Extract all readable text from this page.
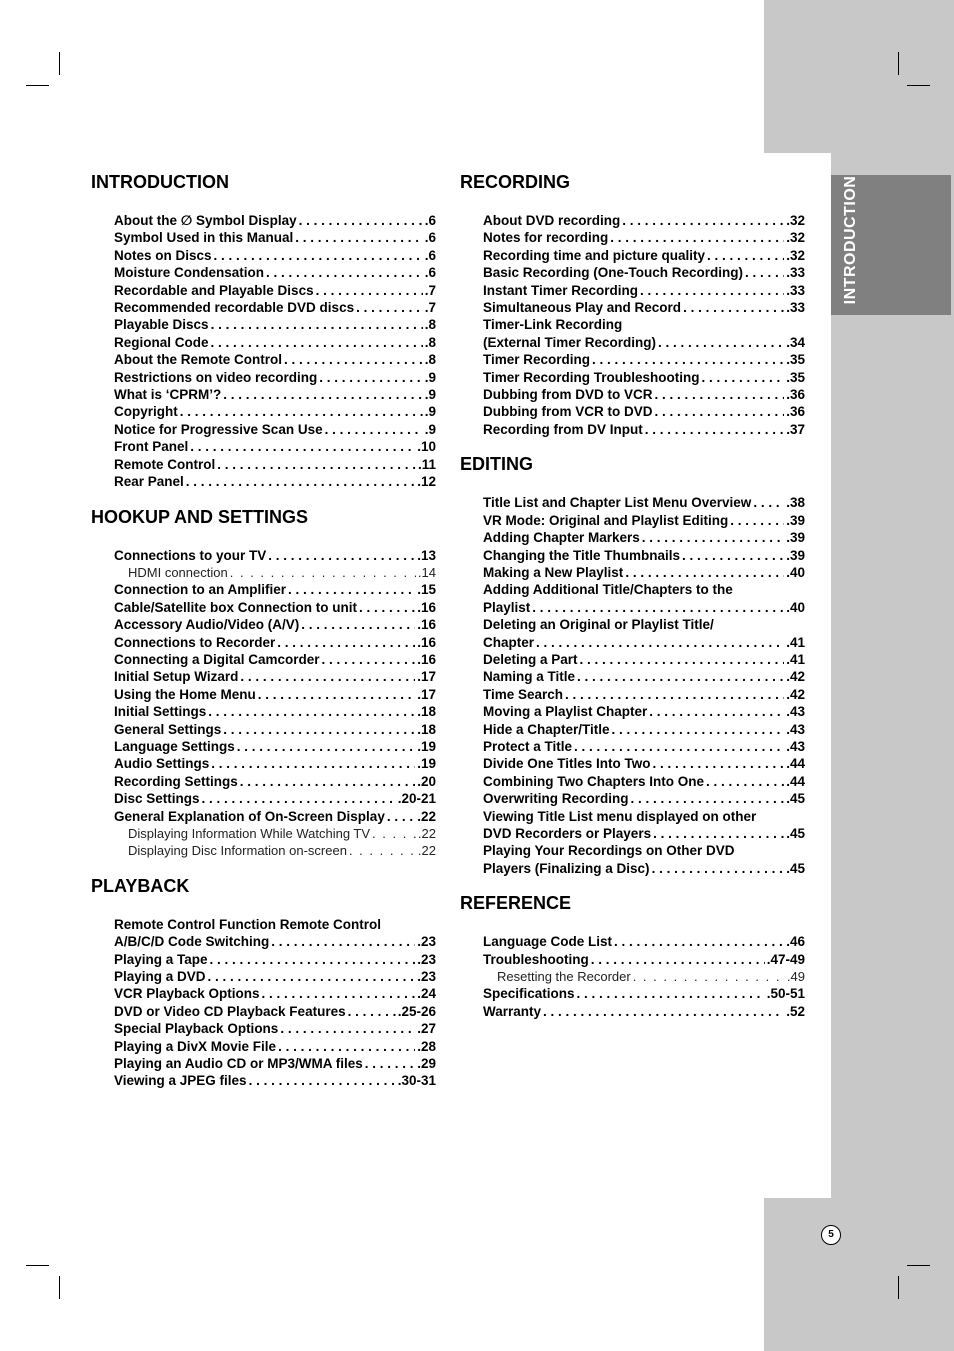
INTRODUCTION
INTRODUCTION
About the ∅ Symbol Display . . .	.6
Symbol Used in this Manual . . .	.6
Notes on Discs . . .	.6
Moisture Condensation . . .	.6
Recordable and Playable Discs . . .	.7
Recommended recordable DVD discs . . .	.7
Playable Discs . . .	.8
Regional Code . . .	.8
About the Remote Control . . .	.8
Restrictions on video recording . . .	.9
What is ‘CPRM’? . . .	.9
Copyright . . .	.9
Notice for Progressive Scan Use . . .	.9
Front Panel . . .	.10
Remote Control . . .	.11
Rear Panel . . .	.12
HOOKUP AND SETTINGS
Connections to your TV . . .	.13
HDMI connection . . .	.14
Connection to an Amplifier . . .	.15
Cable/Satellite box Connection to unit . . .	.16
Accessory Audio/Video (A/V) . . .	.16
Connections to Recorder . . .	.16
Connecting a Digital Camcorder . . .	.16
Initial Setup Wizard . . .	.17
Using the Home Menu . . .	.17
Initial Settings . . .	.18
General Settings . . .	.18
Language Settings . . .	.19
Audio Settings . . .	.19
Recording Settings . . .	.20
Disc Settings . . .	.20-21
General Explanation of On-Screen Display . . . .22
Displaying Information While Watching TV . . .	.22
Displaying Disc Information on-screen . . .	.22
PLAYBACK
Remote Control Function Remote Control
A/B/C/D Code Switching . . .	.23
Playing a Tape . . .	.23
Playing a DVD . . .	.23
VCR Playback Options . . .	.24
DVD or Video CD Playback Features . . .	.25-26
Special Playback Options . . .	.27
Playing a DivX Movie File . . .	.28
Playing an Audio CD or MP3/WMA files . . .	.29
Viewing a JPEG files . . .	.30-31
RECORDING
About DVD recording . . .	.32
Notes for recording . . .	.32
Recording time and picture quality . . .	.32
Basic Recording (One-Touch Recording) . . .	.33
Instant Timer Recording . . .	.33
Simultaneous Play and Record . . .	.33
Timer-Link Recording
(External Timer Recording) . . .	.34
Timer Recording . . .	.35
Timer Recording Troubleshooting . . .	.35
Dubbing from DVD to VCR . . .	.36
Dubbing from VCR to DVD . . .	.36
Recording from DV Input . . .	.37
EDITING
Title List and Chapter List Menu Overview . . .	.38
VR Mode: Original and Playlist Editing . . .	.39
Adding Chapter Markers . . .	.39
Changing the Title Thumbnails . . .	.39
Making a New Playlist . . .	.40
Adding Additional Title/Chapters to the
Playlist . . .	.40
Deleting an Original or Playlist Title/
Chapter . . .	.41
Deleting a Part . . .	.41
Naming a Title . . .	.42
Time Search . . .	.42
Moving a Playlist Chapter . . .	.43
Hide a Chapter/Title . . .	.43
Protect a Title . . .	.43
Divide One Titles Into Two . . .	.44
Combining Two Chapters Into One . . .	.44
Overwriting Recording . . .	.45
Viewing Title List menu displayed on other
DVD Recorders or Players . . .	.45
Playing Your Recordings on Other DVD
Players (Finalizing a Disc) . . .	.45
REFERENCE
Language Code List . . .	.46
Troubleshooting . . .	.47-49
Resetting the Recorder . . .	.49
Specifications . . .	.50-51
Warranty . . .	.52
5
